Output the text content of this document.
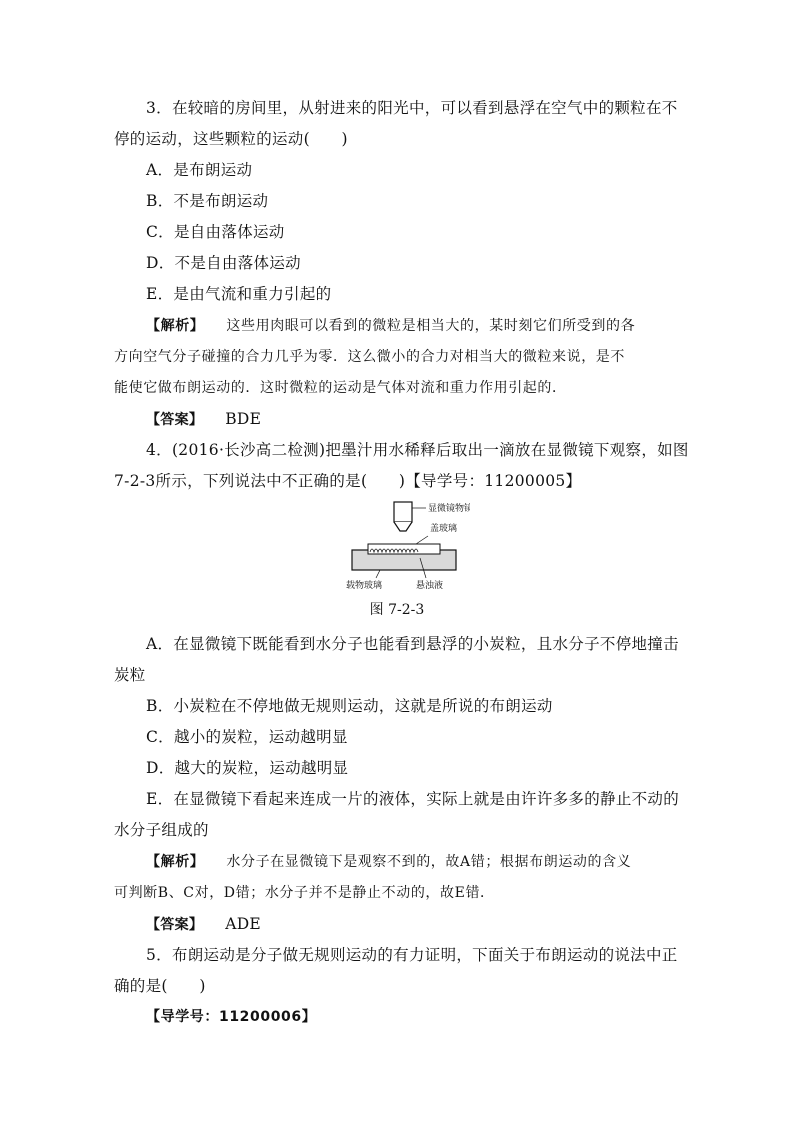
3．在较暗的房间里，从射进来的阳光中，可以看到悬浮在空气中的颗粒在不
停的运动，这些颗粒的运动(　　)
A．是布朗运动
B．不是布朗运动
C．是自由落体运动
D．不是自由落体运动
E．是由气流和重力引起的
【解析】 这些用肉眼可以看到的微粒是相当大的，某时刻它们所受到的各
方向空气分子碰撞的合力几乎为零．这么微小的合力对相当大的微粒来说，是不
能使它做布朗运动的．这时微粒的运动是气体对流和重力作用引起的．
【答案】 BDE
4．(2016·长沙高二检测)把墨汁用水稀释后取出一滴放在显微镜下观察，如图
7-2-3所示，下列说法中不正确的是(　　)【导学号：11200005】
显微镜物镜
盖玻璃
载物玻璃	悬浊液
图 7-2-3
A．在显微镜下既能看到水分子也能看到悬浮的小炭粒，且水分子不停地撞击
炭粒
B．小炭粒在不停地做无规则运动，这就是所说的布朗运动
C．越小的炭粒，运动越明显
D．越大的炭粒，运动越明显
E．在显微镜下看起来连成一片的液体，实际上就是由许许多多的静止不动的
水分子组成的
【解析】 水分子在显微镜下是观察不到的，故A错；根据布朗运动的含义
可判断B、C对，D错；水分子并不是静止不动的，故E错．
【答案】 ADE
5．布朗运动是分子做无规则运动的有力证明，下面关于布朗运动的说法中正
确的是(　　)
【导学号：11200006】
